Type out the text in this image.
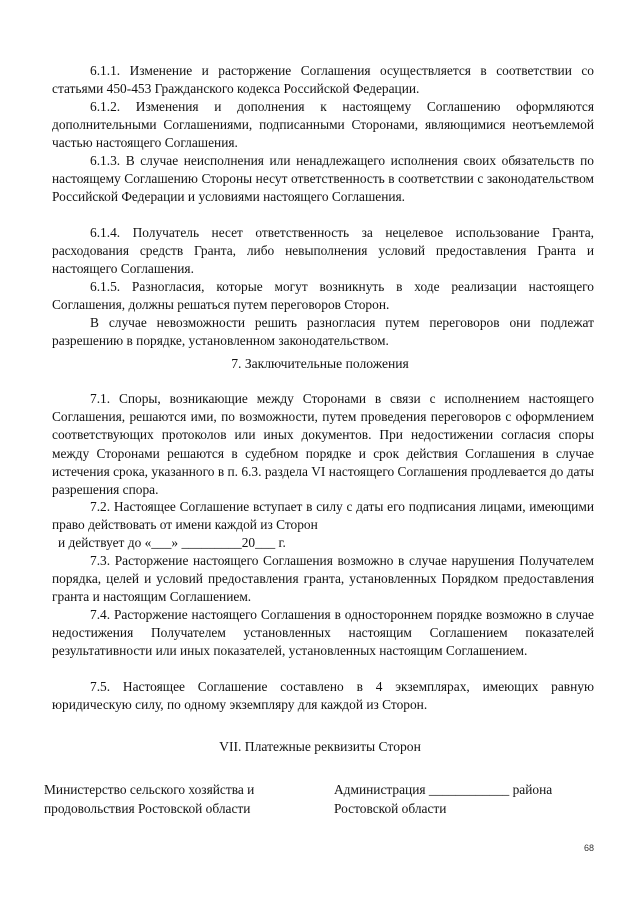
6.1.1. Изменение и расторжение Соглашения осуществляется в соответствии со статьями 450-453 Гражданского кодекса Российской Федерации.

6.1.2. Изменения и дополнения к настоящему Соглашению оформляются дополнительными Соглашениями, подписанными Сторонами, являющимися неотъемлемой частью настоящего Соглашения.

6.1.3. В случае неисполнения или ненадлежащего исполнения своих обязательств по настоящему Соглашению Стороны несут ответственность в соответствии с законодательством Российской Федерации и условиями настоящего Соглашения.

6.1.4. Получатель несет ответственность за нецелевое использование Гранта, расходования средств Гранта, либо невыполнения условий предоставления Гранта и настоящего Соглашения.

6.1.5. Разногласия, которые могут возникнуть в ходе реализации настоящего Соглашения, должны решаться путем переговоров Сторон.

В случае невозможности решить разногласия путем переговоров они подлежат разрешению в порядке, установленном законодательством.

7. Заключительные положения

7.1. Споры, возникающие между Сторонами в связи с исполнением настоящего Соглашения, решаются ими, по возможности, путем проведения переговоров с оформлением соответствующих протоколов или иных документов. При недостижении согласия споры между Сторонами решаются в судебном порядке и срок действия Соглашения в случае истечения срока, указанного в п. 6.3. раздела VI настоящего Соглашения продлевается до даты разрешения спора.

7.2. Настоящее Соглашение вступает в силу с даты его подписания лицами, имеющими право действовать от имени каждой из Сторон

и действует до «___» _________20___ г.

7.3. Расторжение настоящего Соглашения возможно в случае нарушения Получателем порядка, целей и условий предоставления гранта, установленных Порядком предоставления гранта и настоящим Соглашением.

7.4. Расторжение настоящего Соглашения в одностороннем порядке возможно в случае недостижения Получателем установленных настоящим Соглашением показателей результативности или иных показателей, установленных настоящим Соглашением.

7.5. Настоящее Соглашение составлено в 4 экземплярах, имеющих равную юридическую силу, по одному экземпляру для каждой из Сторон.

VII. Платежные реквизиты Сторон

Министерство сельского хозяйства и
продовольствия Ростовской области
Администрация ____________ района
Ростовской области
68
